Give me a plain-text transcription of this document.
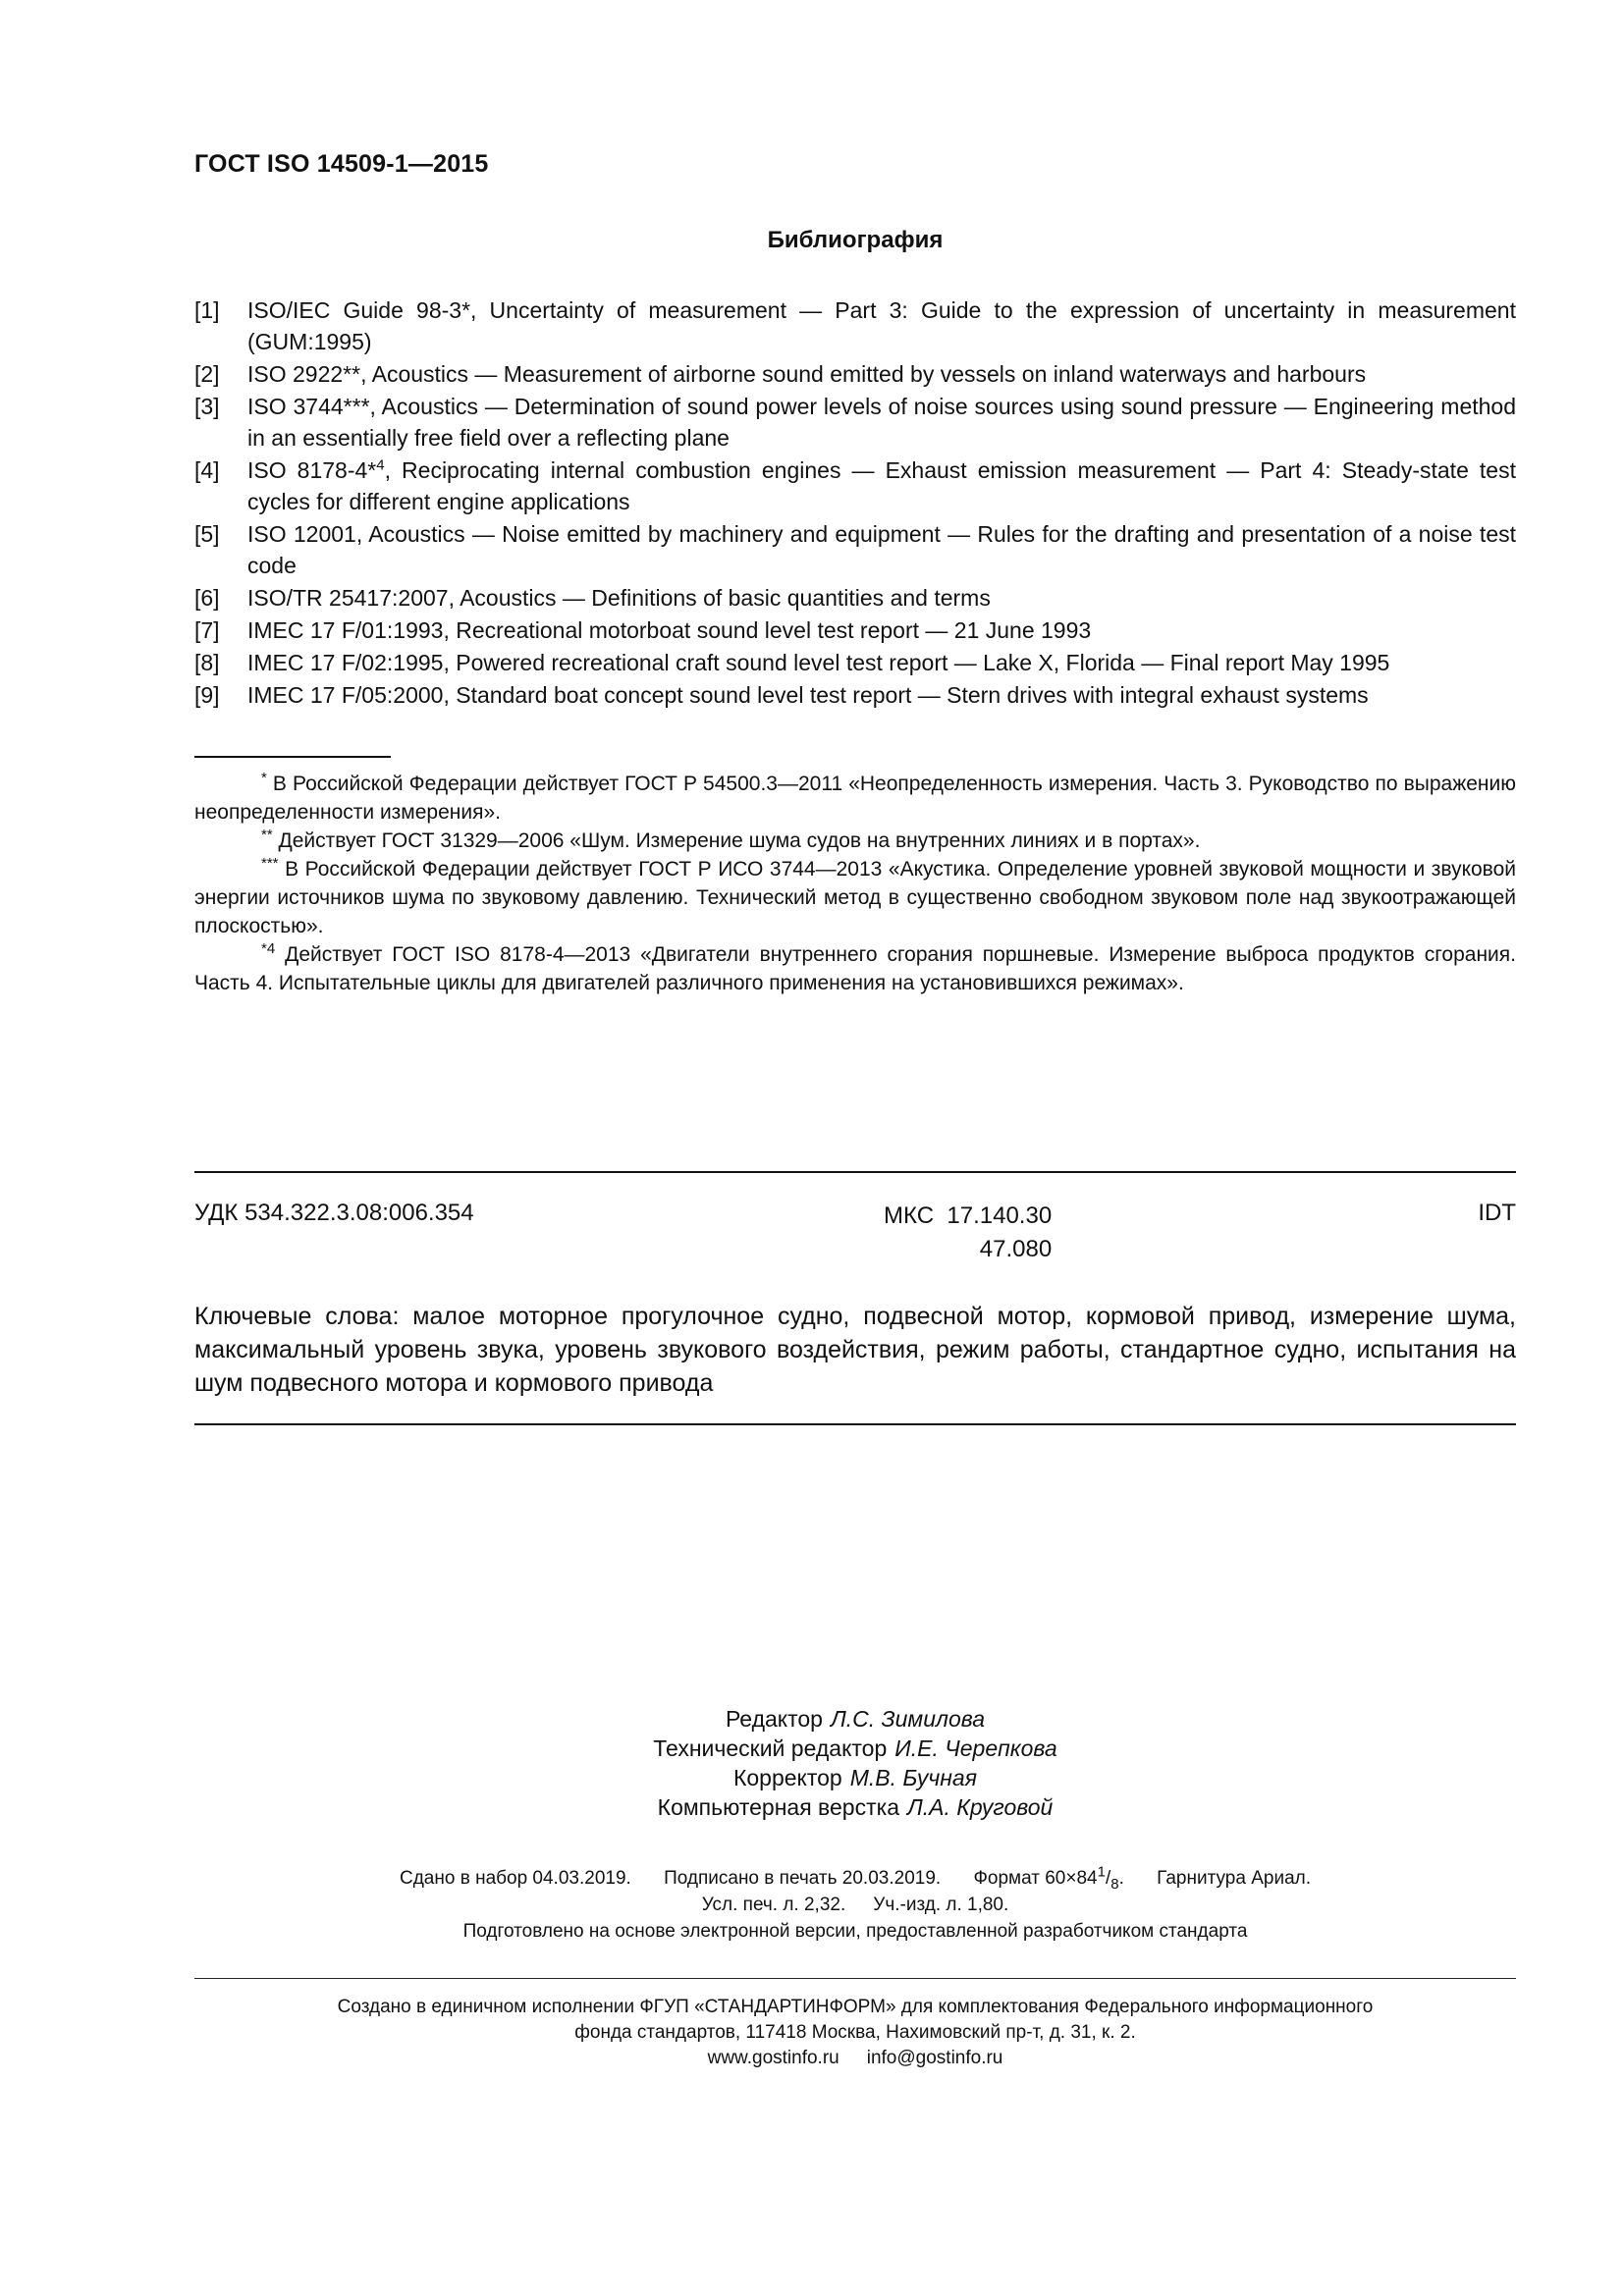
ГОСТ ISO 14509-1—2015
Библиография
[1]	ISO/IEC Guide 98-3*, Uncertainty of measurement — Part 3: Guide to the expression of uncertainty in measurement (GUM:1995)
[2]	ISO 2922**, Acoustics — Measurement of airborne sound emitted by vessels on inland waterways and harbours
[3]	ISO 3744***, Acoustics — Determination of sound power levels of noise sources using sound pressure — Engineering method in an essentially free field over a reflecting plane
[4]	ISO 8178-4*$^4$, Reciprocating internal combustion engines — Exhaust emission measurement — Part 4: Steady-state test cycles for different engine applications
[5]	ISO 12001, Acoustics — Noise emitted by machinery and equipment — Rules for the drafting and presentation of a noise test code
[6]	ISO/TR 25417:2007, Acoustics — Definitions of basic quantities and terms
[7]	IMEC 17 F/01:1993, Recreational motorboat sound level test report — 21 June 1993
[8]	IMEC 17 F/02:1995, Powered recreational craft sound level test report — Lake X, Florida — Final report May 1995
[9]	IMEC 17 F/05:2000, Standard boat concept sound level test report — Stern drives with integral exhaust systems
* В Российской Федерации действует ГОСТ Р 54500.3—2011 «Неопределенность измерения. Часть 3. Руководство по выражению неопределенности измерения».
** Действует ГОСТ 31329—2006 «Шум. Измерение шума судов на внутренних линиях и в портах».
*** В Российской Федерации действует ГОСТ Р ИСО 3744—2013 «Акустика. Определение уровней звуковой мощности и звуковой энергии источников шума по звуковому давлению. Технический метод в существенно свободном звуковом поле над звукоотражающей плоскостью».
$^{*4}$ Действует ГОСТ ISO 8178-4—2013 «Двигатели внутреннего сгорания поршневые. Измерение выброса продуктов сгорания. Часть 4. Испытательные циклы для двигателей различного применения на установившихся режимах».
УДК 534.322.3.08:006.354	МКС 17.140.30
47.080
IDT
Ключевые слова: малое моторное прогулочное судно, подвесной мотор, кормовой привод, измерение шума, максимальный уровень звука, уровень звукового воздействия, режим работы, стандартное судно, испытания на шум подвесного мотора и кормового привода
Редактор Л.С. Зимилова
Технический редактор И.Е. Черепкова
Корректор М.В. Бучная
Компьютерная верстка Л.А. Круговой
Сдано в набор 04.03.2019. Подписано в печать 20.03.2019. Формат $60\times 84^1/_8$. Гарнитура Ариал.
Усл. печ. л. 2,32. Уч.-изд. л. 1,80.
Подготовлено на основе электронной версии, предоставленной разработчиком стандарта
Создано в единичном исполнении ФГУП «СТАНДАРТИНФОРМ» для комплектования Федерального информационного
фонда стандартов, 117418 Москва, Нахимовский пр-т, д. 31, к. 2.
www.gostinfo.ru info@gostinfo.ru
